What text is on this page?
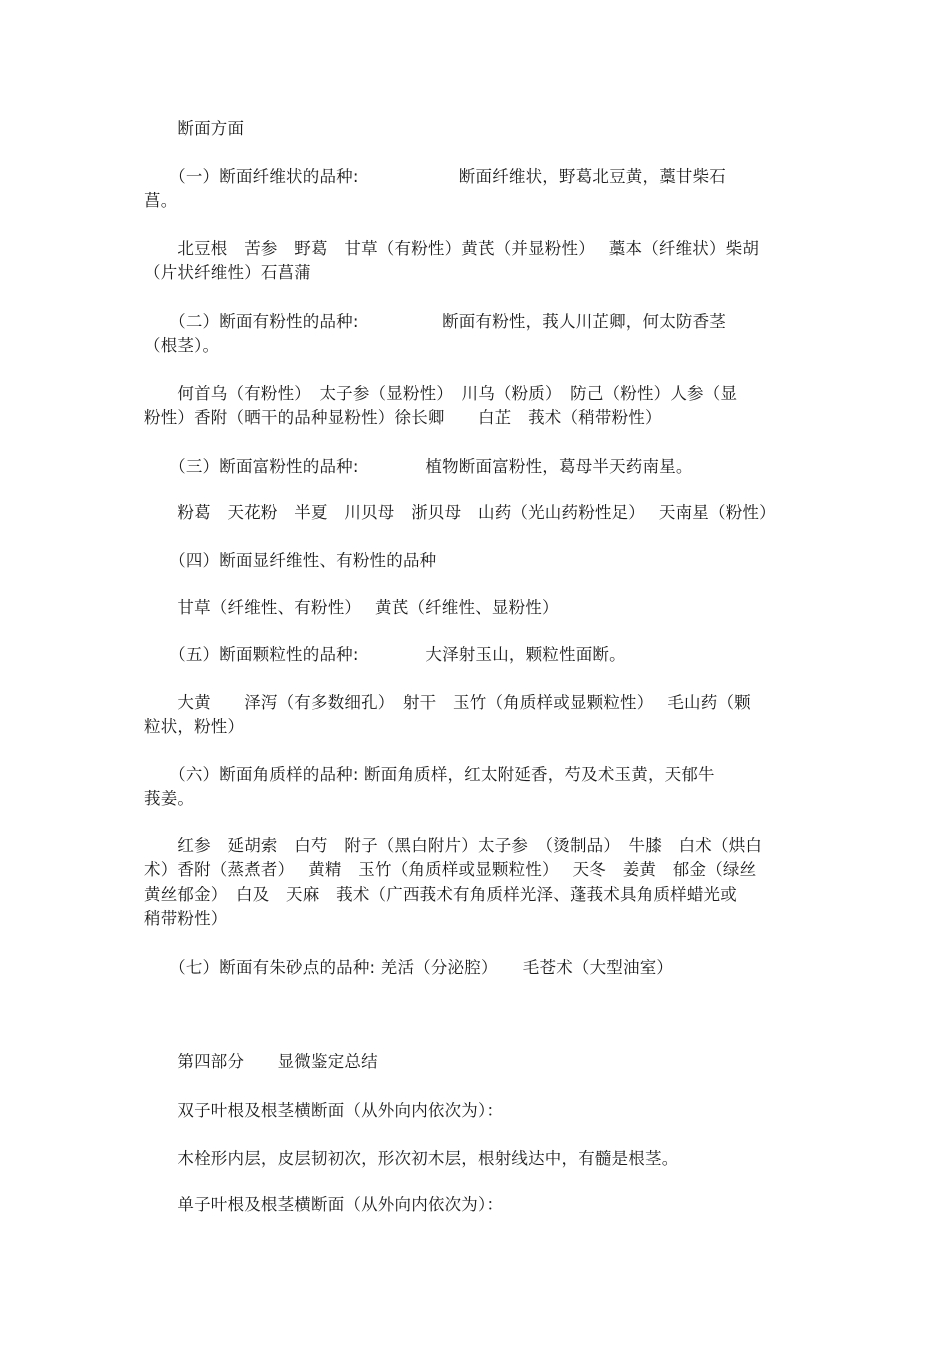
　　断面方面
　　（一）断面纤维状的品种:　　　　　　断面纤维状，野葛北豆黄，藁甘柴石
菖。
　　北豆根　苦参　野葛　甘草（有粉性）黄芪（并显粉性）　 藁本（纤维状）柴胡
（片状纤维性）石菖蒲
　　（二）断面有粉性的品种:　　　　　断面有粉性，莪人川芷卿，何太防香茎
（根茎）。
　　何首乌（有粉性）　太子参（显粉性）　川乌（粉质）　防己（粉性）人参（显
粉性）香附（晒干的品种显粉性）徐长卿　　白芷　莪术（稍带粉性）
　　（三）断面富粉性的品种:　　　　植物断面富粉性，葛母半天药南星。
　　粉葛　天花粉　半夏　川贝母　浙贝母　山药（光山药粉性足）　 天南星（粉性）
　　（四）断面显纤维性、有粉性的品种
　　甘草（纤维性、有粉性）　 黄芪（纤维性、显粉性）
　　（五）断面颗粒性的品种:　　　　大泽射玉山，颗粒性面断。
　　大黄　　泽泻（有多数细孔）　射干　玉竹（角质样或显颗粒性）　 毛山药（颗
粒状，粉性）
　　（六）断面角质样的品种: 断面角质样，红太附延香，芍及术玉黄，天郁牛
莪姜。
　　红参　延胡索　白芍　附子（黑白附片）太子参　（烫制品）　牛膝　白术（烘白
术）香附（蒸煮者）　 黄精　玉竹（角质样或显颗粒性）　 天冬　姜黄　郁金（绿丝
黄丝郁金）　白及　天麻　莪术（广西莪术有角质样光泽、蓬莪术具角质样蜡光或
稍带粉性）
　　（七）断面有朱砂点的品种: 羌活（分泌腔）　　毛苍术（大型油室）
　　第四部分　　显微鉴定总结
　　双子叶根及根茎横断面（从外向内依次为）：
　　木栓形内层，皮层韧初次，形次初木层，根射线达中，有髓是根茎。
　　单子叶根及根茎横断面（从外向内依次为）：
